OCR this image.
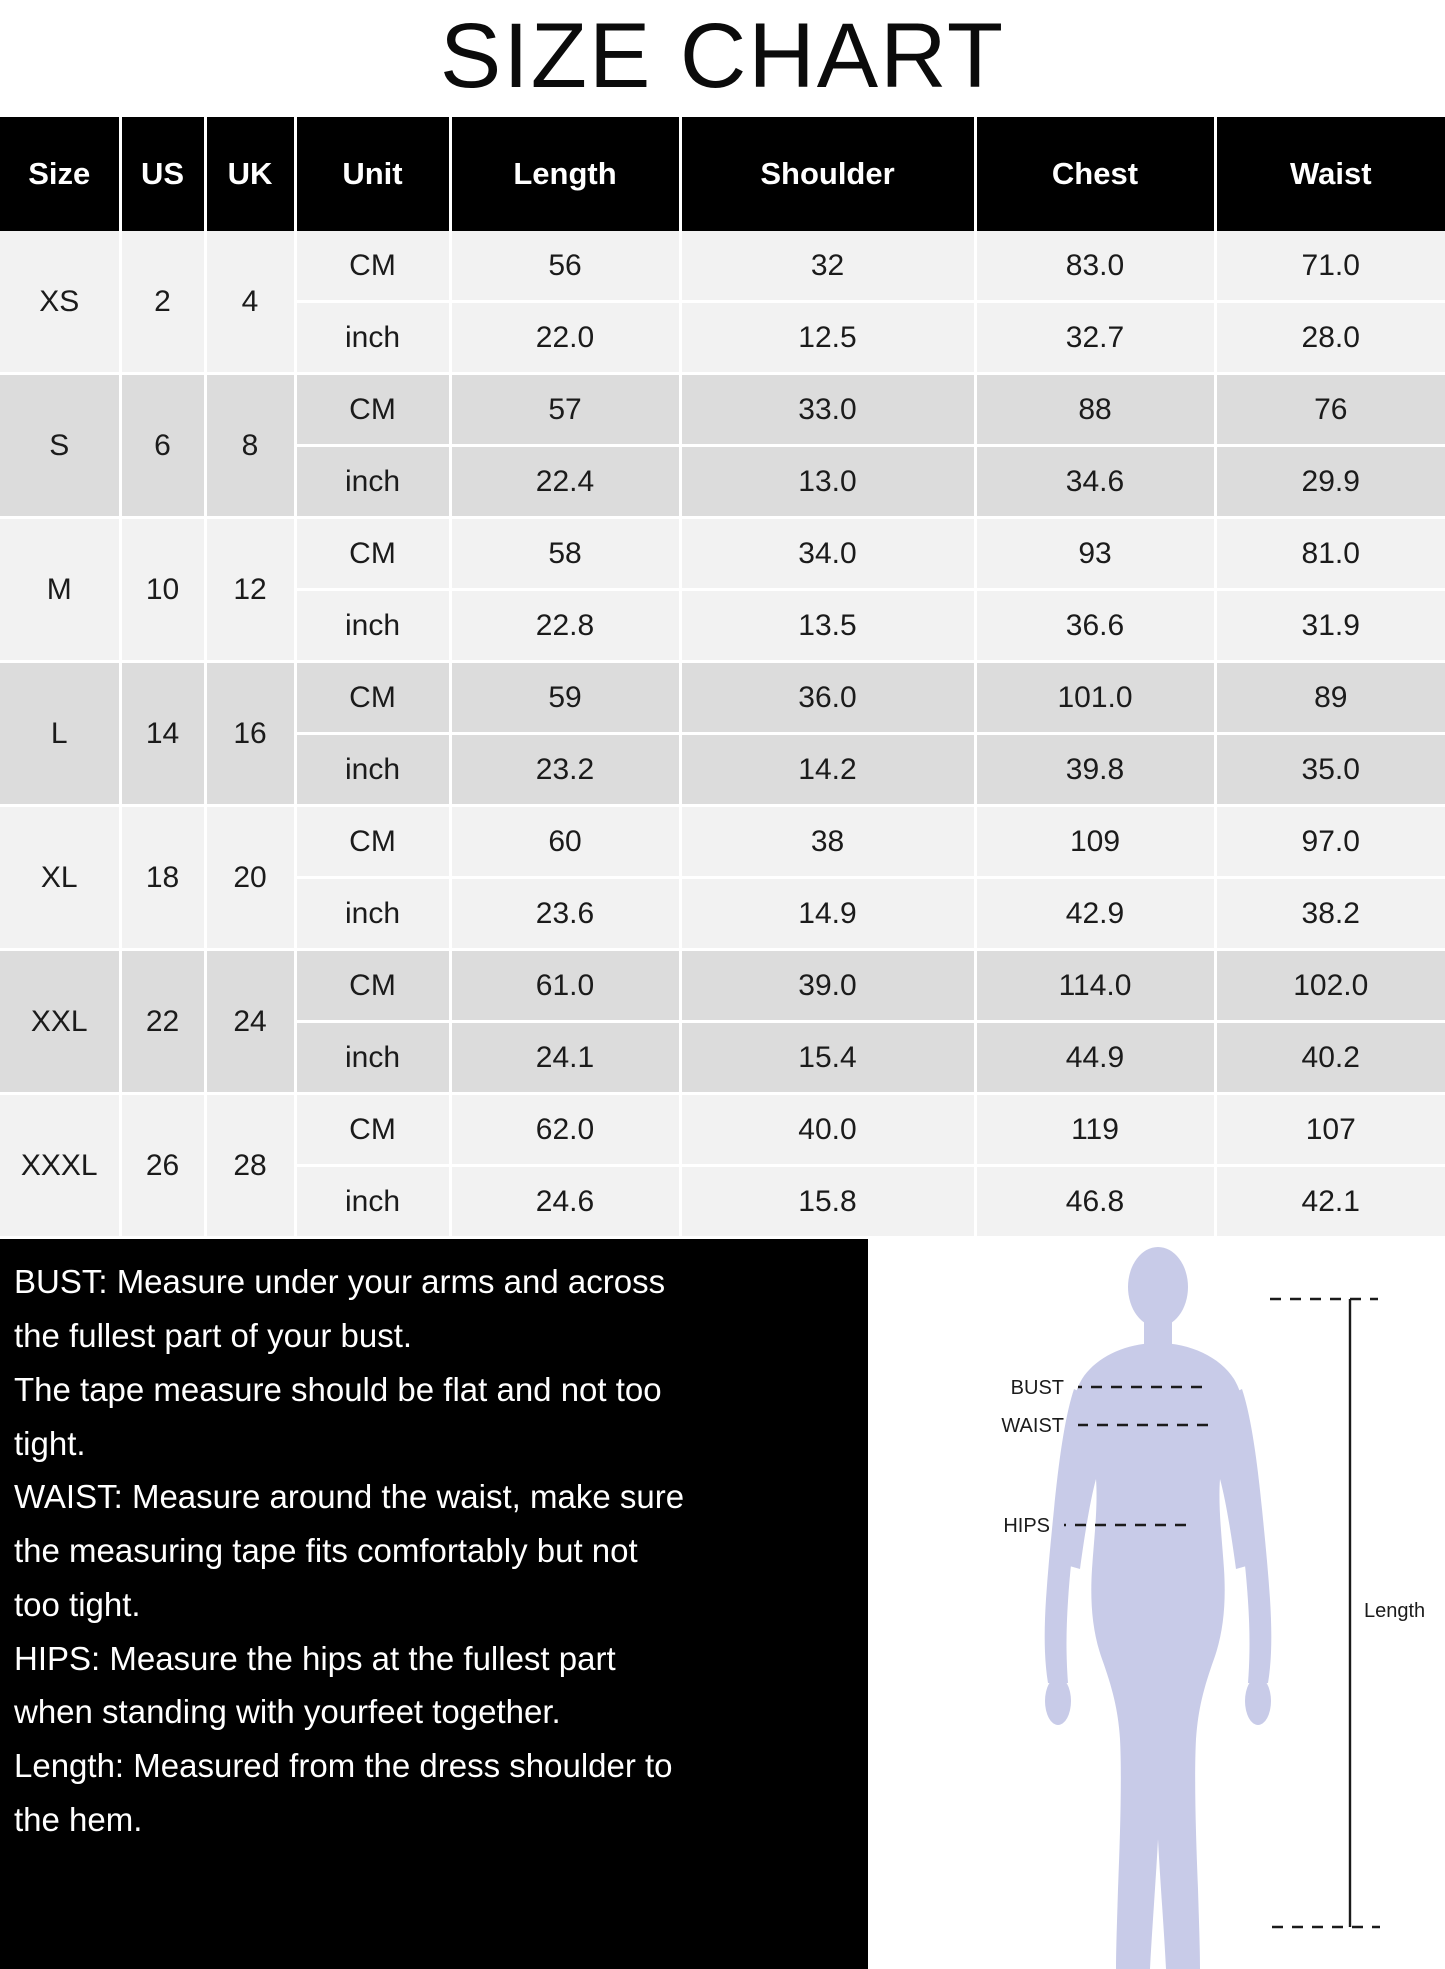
SIZE CHART
Size	US	UK	Unit	Length	Shoulder	Chest	Waist
XS	2	4	CM	56	32	83.0	71.0
			inch	22.0	12.5	32.7	28.0
S	6	8	CM	57	33.0	88	76
			inch	22.4	13.0	34.6	29.9
M	10	12	CM	58	34.0	93	81.0
			inch	22.8	13.5	36.6	31.9
L	14	16	CM	59	36.0	101.0	89
			inch	23.2	14.2	39.8	35.0
XL	18	20	CM	60	38	109	97.0
			inch	23.6	14.9	42.9	38.2
XXL	22	24	CM	61.0	39.0	114.0	102.0
			inch	24.1	15.4	44.9	40.2
XXXL	26	28	CM	62.0	40.0	119	107
			inch	24.6	15.8	46.8	42.1

BUST: Measure under your arms and across

the fullest part of your bust.

The tape measure should be flat and not too

tight.

WAIST: Measure around the waist, make sure

the measuring tape fits comfortably but not

too tight.

HIPS: Measure the hips at the fullest part

when standing with yourfeet together.

Length: Measured from the dress shoulder to

the hem.

BUST
WAIST
HIPS
Length
